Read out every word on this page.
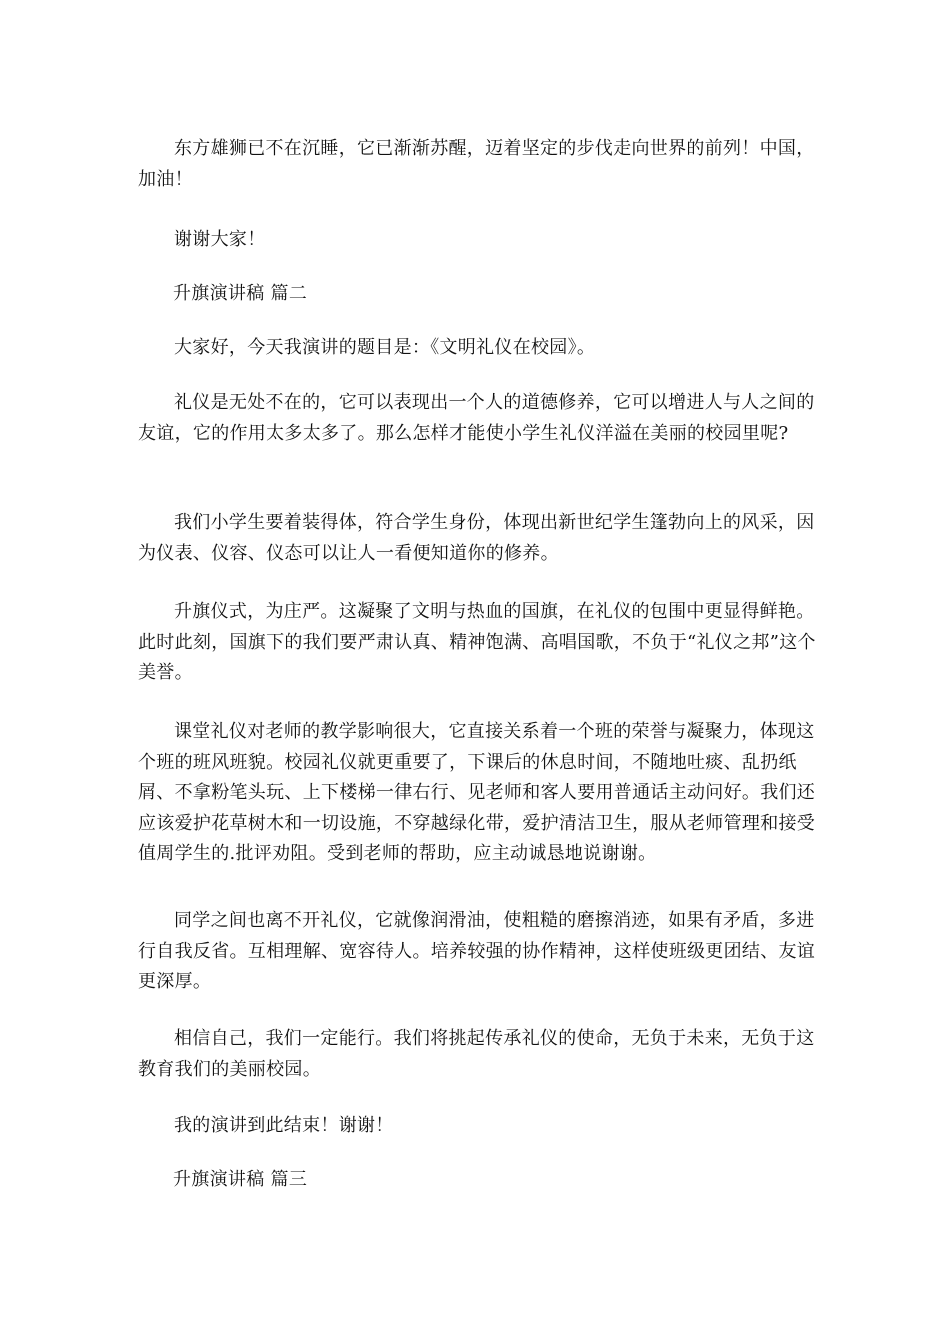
东方雄狮已不在沉睡，它已渐渐苏醒，迈着坚定的步伐走向世界的前列！中国，加油！

谢谢大家！

升旗演讲稿 篇二

大家好，今天我演讲的题目是：《文明礼仪在校园》。

礼仪是无处不在的，它可以表现出一个人的道德修养，它可以增进人与人之间的友谊，它的作用太多太多了。那么怎样才能使小学生礼仪洋溢在美丽的校园里呢?

我们小学生要着装得体，符合学生身份，体现出新世纪学生篷勃向上的风采，因为仪表、仪容、仪态可以让人一看便知道你的修养。

升旗仪式，为庄严。这凝聚了文明与热血的国旗，在礼仪的包围中更显得鲜艳。此时此刻，国旗下的我们要严肃认真、精神饱满、高唱国歌，不负于“礼仪之邦”这个美誉。

课堂礼仪对老师的教学影响很大，它直接关系着一个班的荣誉与凝聚力，体现这个班的班风班貌。校园礼仪就更重要了，下课后的休息时间，不随地吐痰、乱扔纸屑、不拿粉笔头玩、上下楼梯一律右行、见老师和客人要用普通话主动问好。我们还应该爱护花草树木和一切设施，不穿越绿化带，爱护清洁卫生，服从老师管理和接受值周学生的.批评劝阻。受到老师的帮助，应主动诚恳地说谢谢。

同学之间也离不开礼仪，它就像润滑油，使粗糙的磨擦消迹，如果有矛盾，多进行自我反省。互相理解、宽容待人。培养较强的协作精神，这样使班级更团结、友谊更深厚。

相信自己，我们一定能行。我们将挑起传承礼仪的使命，无负于未来，无负于这教育我们的美丽校园。

我的演讲到此结束！谢谢！

升旗演讲稿 篇三
